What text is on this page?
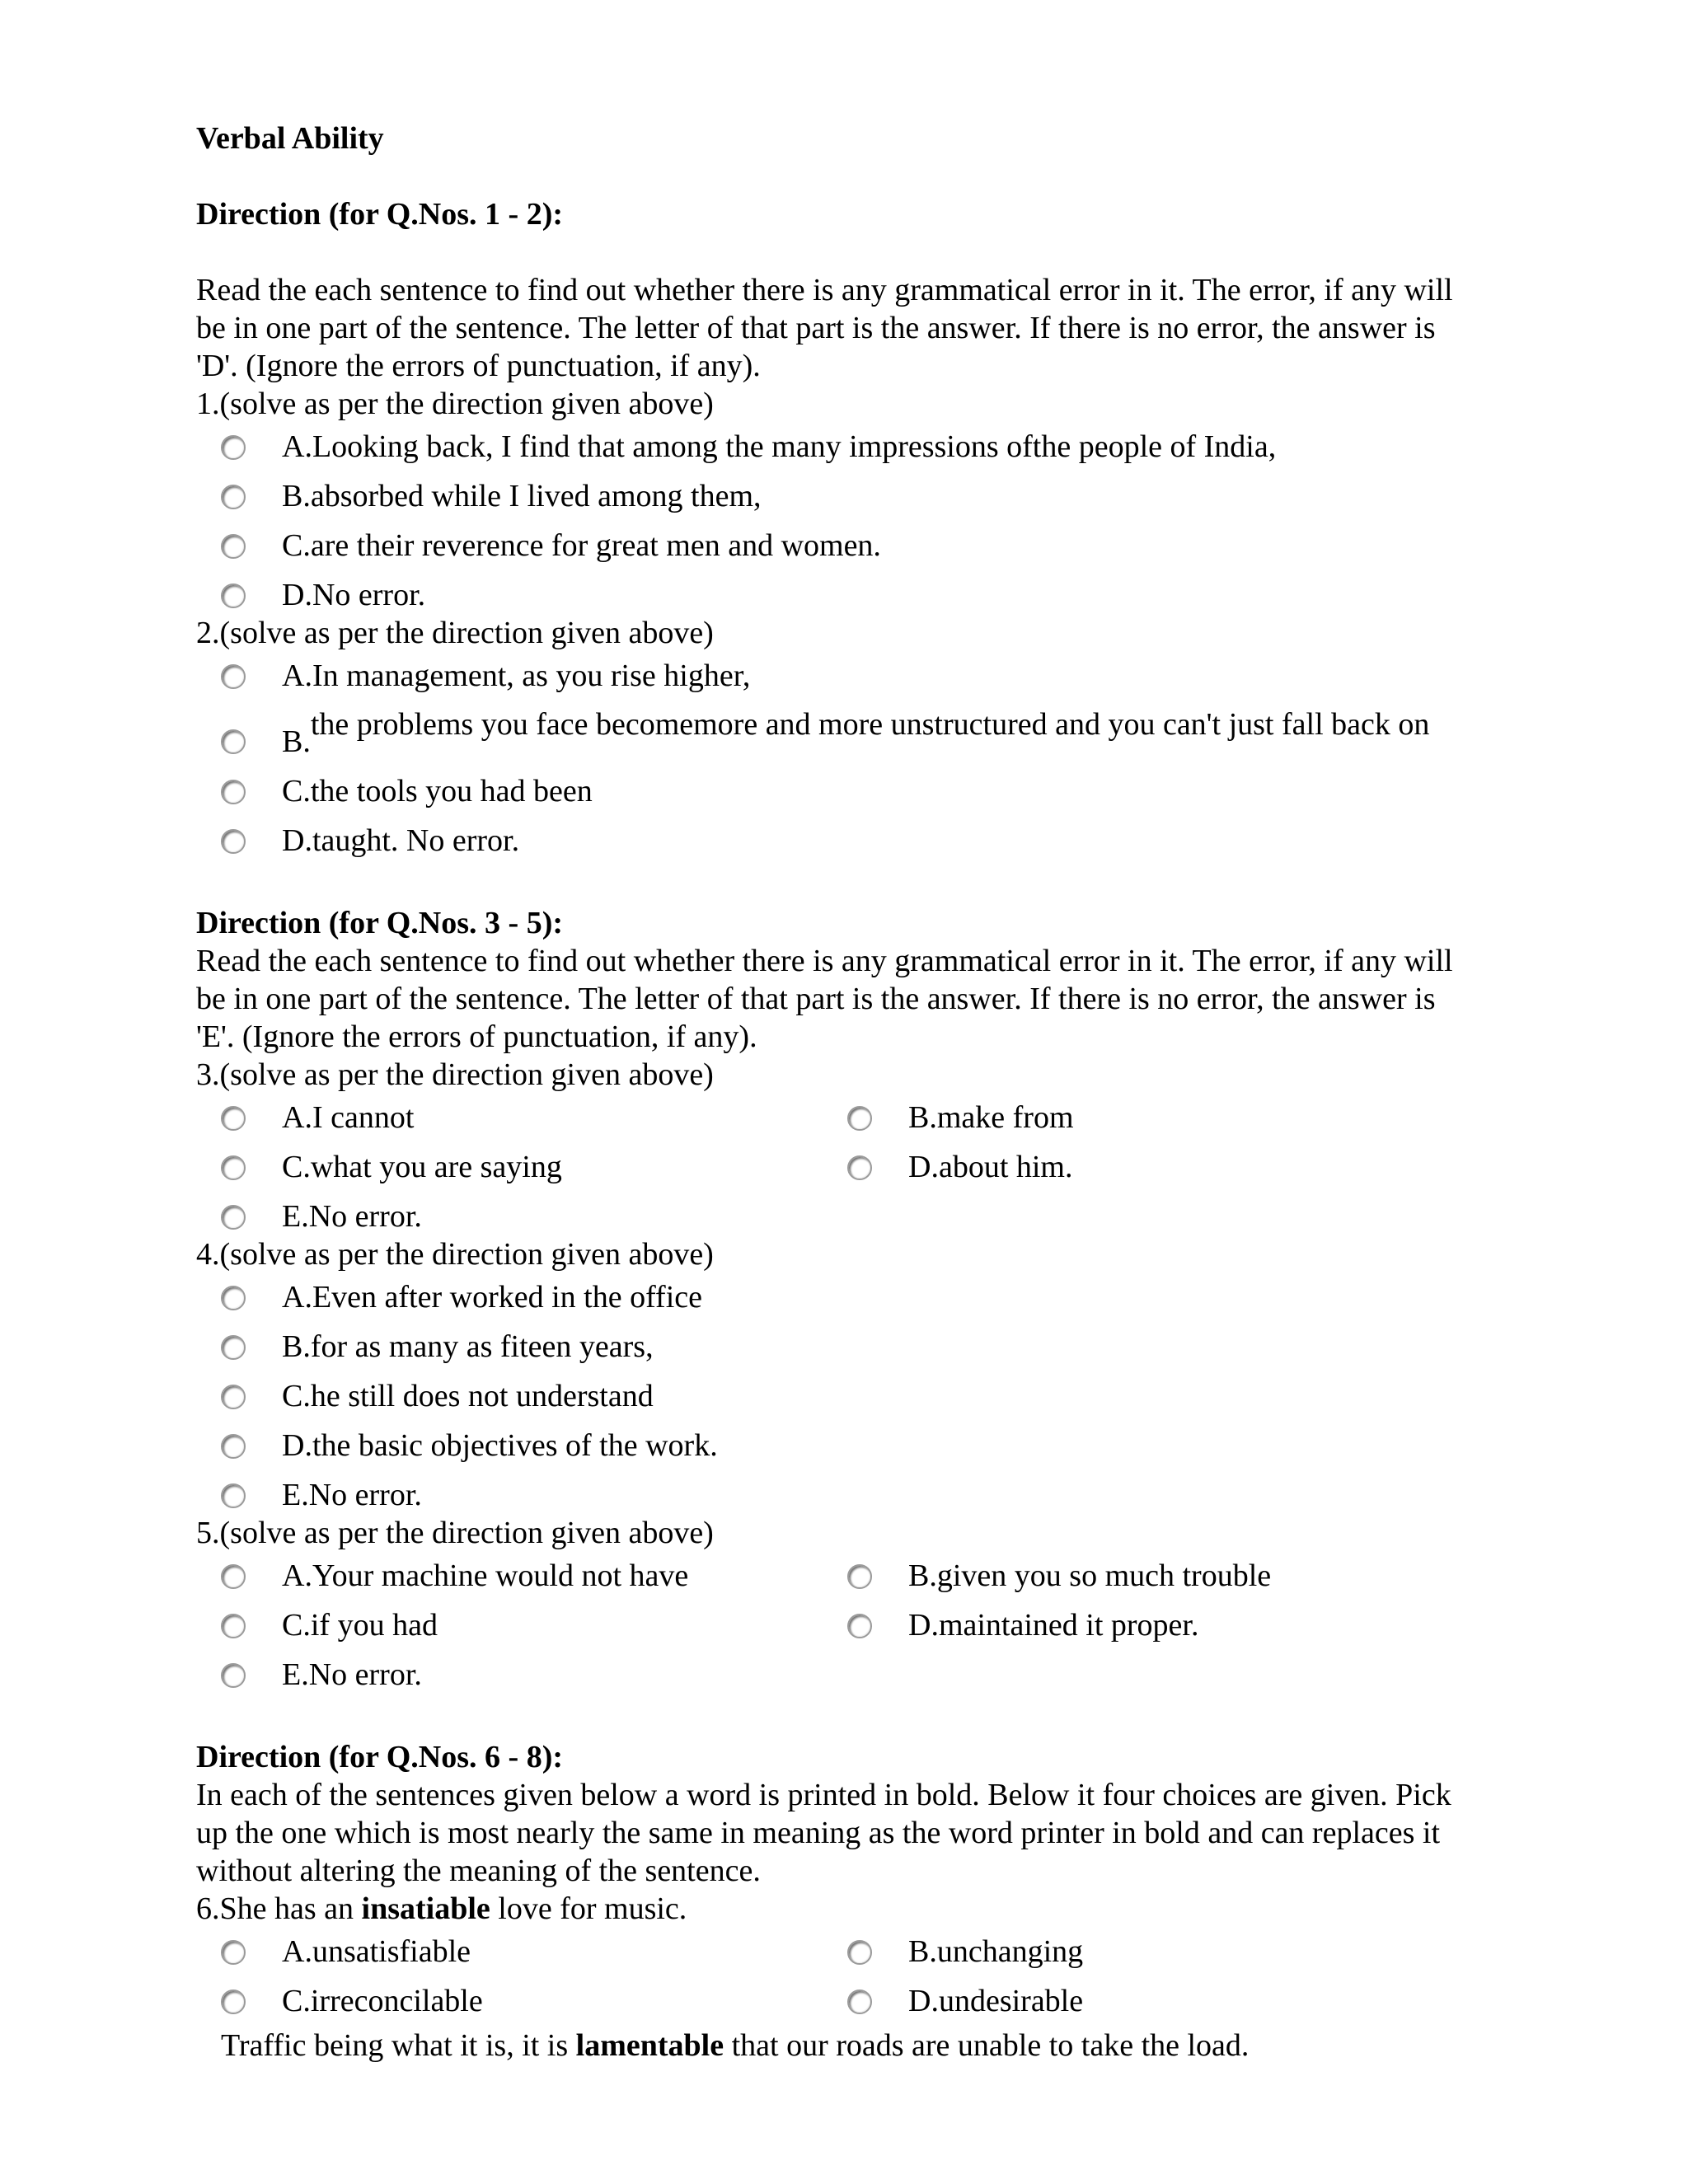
Verbal Ability
Direction (for Q.Nos. 1 - 2):
Read the each sentence to find out whether there is any grammatical error in it. The error, if any will be in one part of the sentence. The letter of that part is the answer. If there is no error, the answer is 'D'. (Ignore the errors of punctuation, if any).
1.(solve as per the direction given above)
A. Looking back, I find that among the many impressions ofthe people of India,
B. absorbed while I lived among them,
C. are their reverence for great men and women.
D. No error.
2.(solve as per the direction given above)
A. In management, as you rise higher,
B. the problems you face becomemore and more unstructured and you can't just fall back on
C. the tools you had been
D. taught. No error.
Direction (for Q.Nos. 3 - 5):
Read the each sentence to find out whether there is any grammatical error in it. The error, if any will be in one part of the sentence. The letter of that part is the answer. If there is no error, the answer is 'E'. (Ignore the errors of punctuation, if any).
3.(solve as per the direction given above)
A. I cannot	B. make from
C. what you are saying	D. about him.
E. No error.
4.(solve as per the direction given above)
A. Even after worked in the office
B. for as many as fiteen years,
C. he still does not understand
D. the basic objectives of the work.
E. No error.
5.(solve as per the direction given above)
A. Your machine would not have	B. given you so much trouble
C. if you had	D. maintained it proper.
E. No error.
Direction (for Q.Nos. 6 - 8):
In each of the sentences given below a word is printed in bold. Below it four choices are given. Pick up the one which is most nearly the same in meaning as the word printer in bold and can replaces it without altering the meaning of the sentence.
6.She has an insatiable love for music.
A. unsatisfiable	B. unchanging
C. irreconcilable	D. undesirable
Traffic being what it is, it is lamentable that our roads are unable to take the load.
